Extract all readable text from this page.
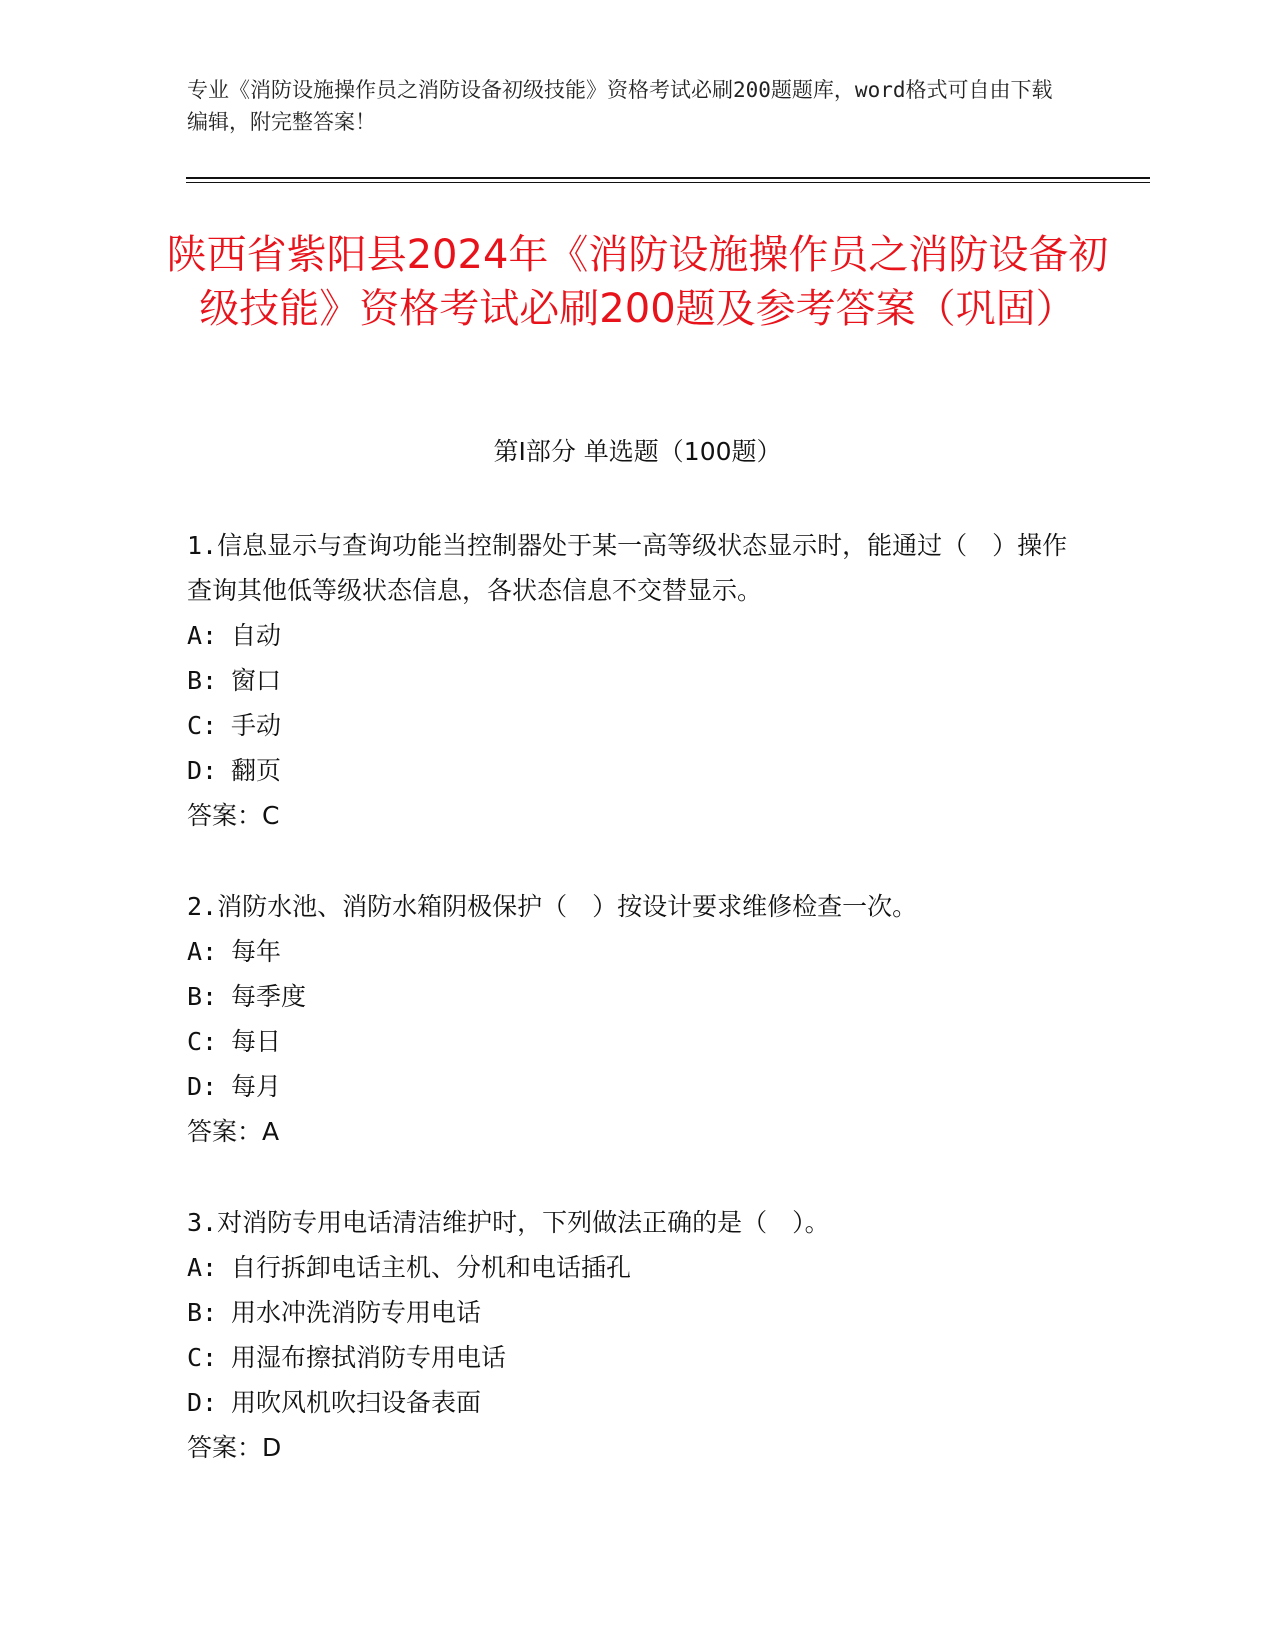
专业《消防设施操作员之消防设备初级技能》资格考试必刷200题题库，word格式可自由下载编辑，附完整答案！
陕西省紫阳县2024年《消防设施操作员之消防设备初级技能》资格考试必刷200题及参考答案（巩固）
第I部分 单选题（100题）

1.信息显示与查询功能当控制器处于某一高等级状态显示时，能通过（　）操作查询其他低等级状态信息，各状态信息不交替显示。

A: 自动
B: 窗口
C: 手动
D: 翻页
答案： C

2.消防水池、消防水箱阴极保护（　）按设计要求维修检查一次。

A: 每年
B: 每季度
C: 每日
D: 每月
答案： A

3.对消防专用电话清洁维护时，下列做法正确的是（　）。

A: 自行拆卸电话主机、分机和电话插孔
B: 用水冲洗消防专用电话
C: 用湿布擦拭消防专用电话
D: 用吹风机吹扫设备表面
答案： D
